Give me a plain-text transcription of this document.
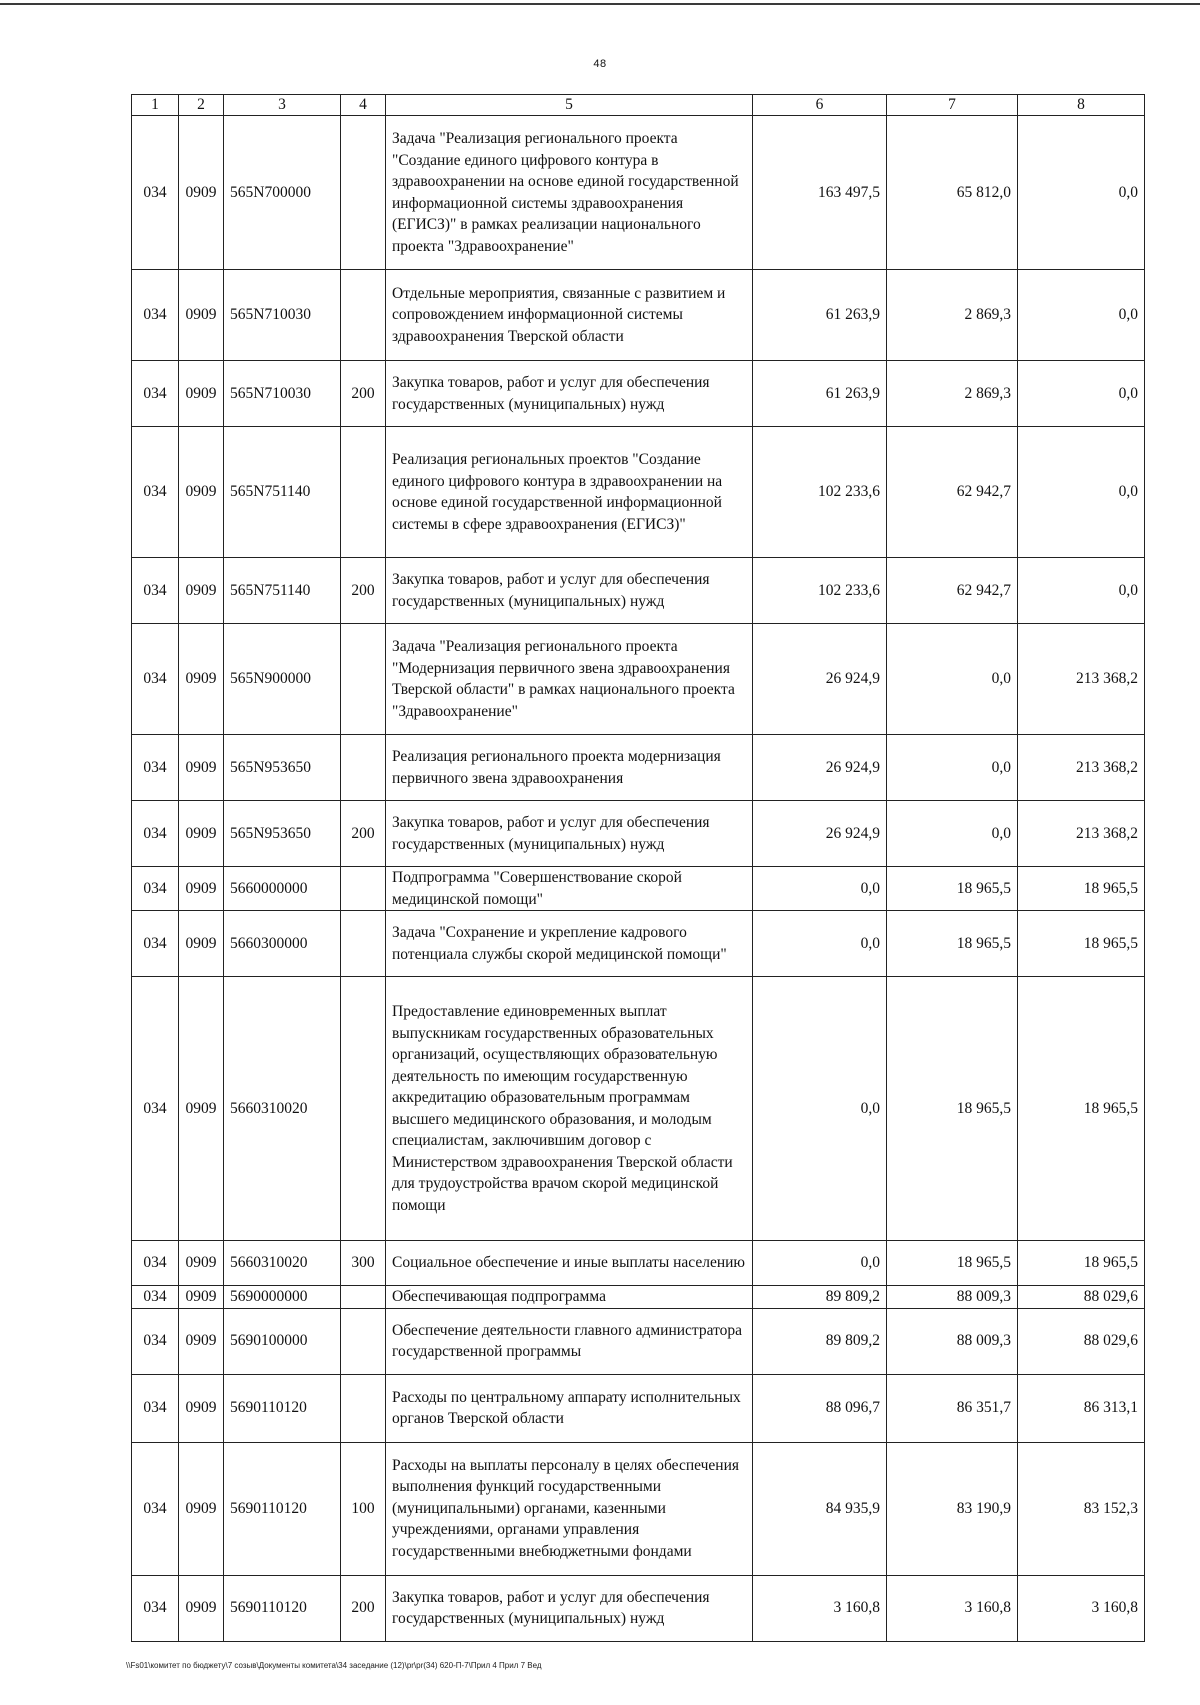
48
1	2	3	4	5	6	7	8
034	0909	565N700000		Задача "Реализация регионального проекта "Создание единого цифрового контура в здравоохранении на основе единой государственной информационной системы здравоохранения (ЕГИСЗ)" в рамках реализации национального проекта "Здравоохранение"	163 497,5	65 812,0	0,0
034	0909	565N710030		Отдельные мероприятия, связанные с развитием и сопровождением информационной системы здравоохранения Тверской области	61 263,9	2 869,3	0,0
034	0909	565N710030	200	Закупка товаров, работ и услуг для обеспечения государственных (муниципальных) нужд	61 263,9	2 869,3	0,0
034	0909	565N751140		Реализация региональных проектов "Создание единого цифрового контура в здравоохранении на основе единой государственной информационной системы в сфере здравоохранения (ЕГИСЗ)"	102 233,6	62 942,7	0,0
034	0909	565N751140	200	Закупка товаров, работ и услуг для обеспечения государственных (муниципальных) нужд	102 233,6	62 942,7	0,0
034	0909	565N900000		Задача "Реализация регионального проекта "Модернизация первичного звена здравоохранения Тверской области" в рамках национального проекта "Здравоохранение"	26 924,9	0,0	213 368,2
034	0909	565N953650		Реализация регионального проекта модернизация первичного звена здравоохранения	26 924,9	0,0	213 368,2
034	0909	565N953650	200	Закупка товаров, работ и услуг для обеспечения государственных (муниципальных) нужд	26 924,9	0,0	213 368,2
034	0909	5660000000		Подпрограмма "Совершенствование скорой медицинской помощи"	0,0	18 965,5	18 965,5
034	0909	5660300000		Задача "Сохранение и укрепление кадрового потенциала службы скорой медицинской помощи"	0,0	18 965,5	18 965,5
034	0909	5660310020		Предоставление единовременных выплат выпускникам государственных образовательных организаций, осуществляющих образовательную деятельность по имеющим государственную аккредитацию образовательным программам высшего медицинского образования, и молодым специалистам, заключившим договор с Министерством здравоохранения Тверской области для трудоустройства врачом скорой медицинской помощи	0,0	18 965,5	18 965,5
034	0909	5660310020	300	Социальное обеспечение и иные выплаты населению	0,0	18 965,5	18 965,5
034	0909	5690000000		Обеспечивающая подпрограмма	89 809,2	88 009,3	88 029,6
034	0909	5690100000		Обеспечение деятельности главного администратора государственной программы	89 809,2	88 009,3	88 029,6
034	0909	5690110120		Расходы по центральному аппарату исполнительных органов Тверской области	88 096,7	86 351,7	86 313,1
034	0909	5690110120	100	Расходы на выплаты персоналу в целях обеспечения выполнения функций государственными (муниципальными) органами, казенными учреждениями, органами управления государственными внебюджетными фондами	84 935,9	83 190,9	83 152,3
034	0909	5690110120	200	Закупка товаров, работ и услуг для обеспечения государственных (муниципальных) нужд	3 160,8	3 160,8	3 160,8
\\Fs01\комитет по бюджету\7 созыв\Документы комитета\34 заседание (12)\pr\pr(34) 620-П-7\Прил 4 Прил 7 Вед
